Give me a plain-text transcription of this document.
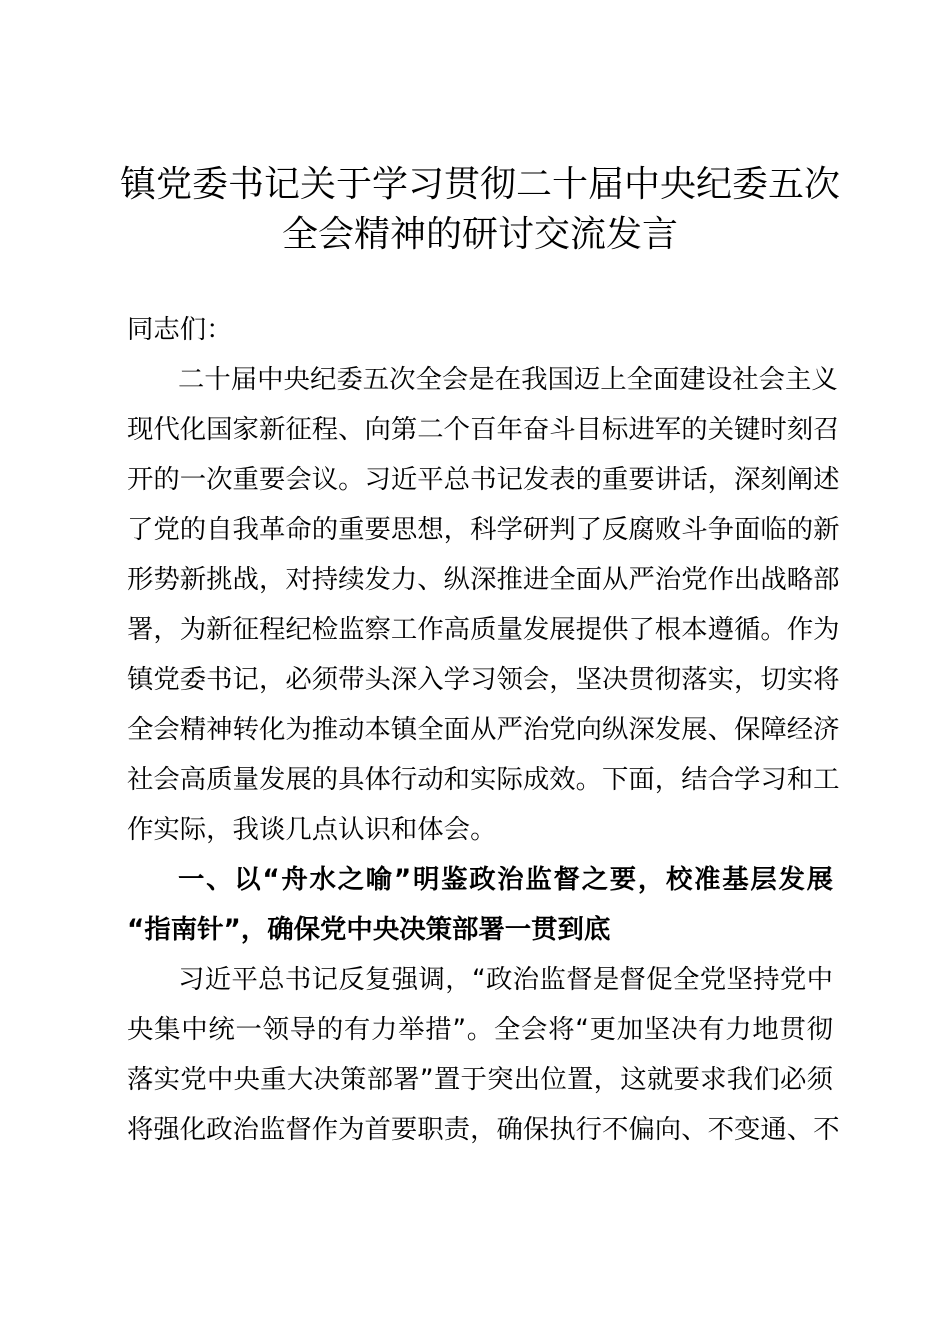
镇党委书记关于学习贯彻二十届中央纪委五次
全会精神的研讨交流发言
同志们：
二十届中央纪委五次全会是在我国迈上全面建设社会主义
现代化国家新征程、向第二个百年奋斗目标进军的关键时刻召
开的一次重要会议。习近平总书记发表的重要讲话，深刻阐述
了党的自我革命的重要思想，科学研判了反腐败斗争面临的新
形势新挑战，对持续发力、纵深推进全面从严治党作出战略部
署，为新征程纪检监察工作高质量发展提供了根本遵循。作为
镇党委书记，必须带头深入学习领会，坚决贯彻落实，切实将
全会精神转化为推动本镇全面从严治党向纵深发展、保障经济
社会高质量发展的具体行动和实际成效。下面，结合学习和工
作实际，我谈几点认识和体会。
一、以“舟水之喻”明鉴政治监督之要，校准基层发展
“指南针”，确保党中央决策部署一贯到底
习近平总书记反复强调，“政治监督是督促全党坚持党中
央集中统一领导的有力举措”。全会将“更加坚决有力地贯彻
落实党中央重大决策部署”置于突出位置，这就要求我们必须
将强化政治监督作为首要职责，确保执行不偏向、不变通、不
